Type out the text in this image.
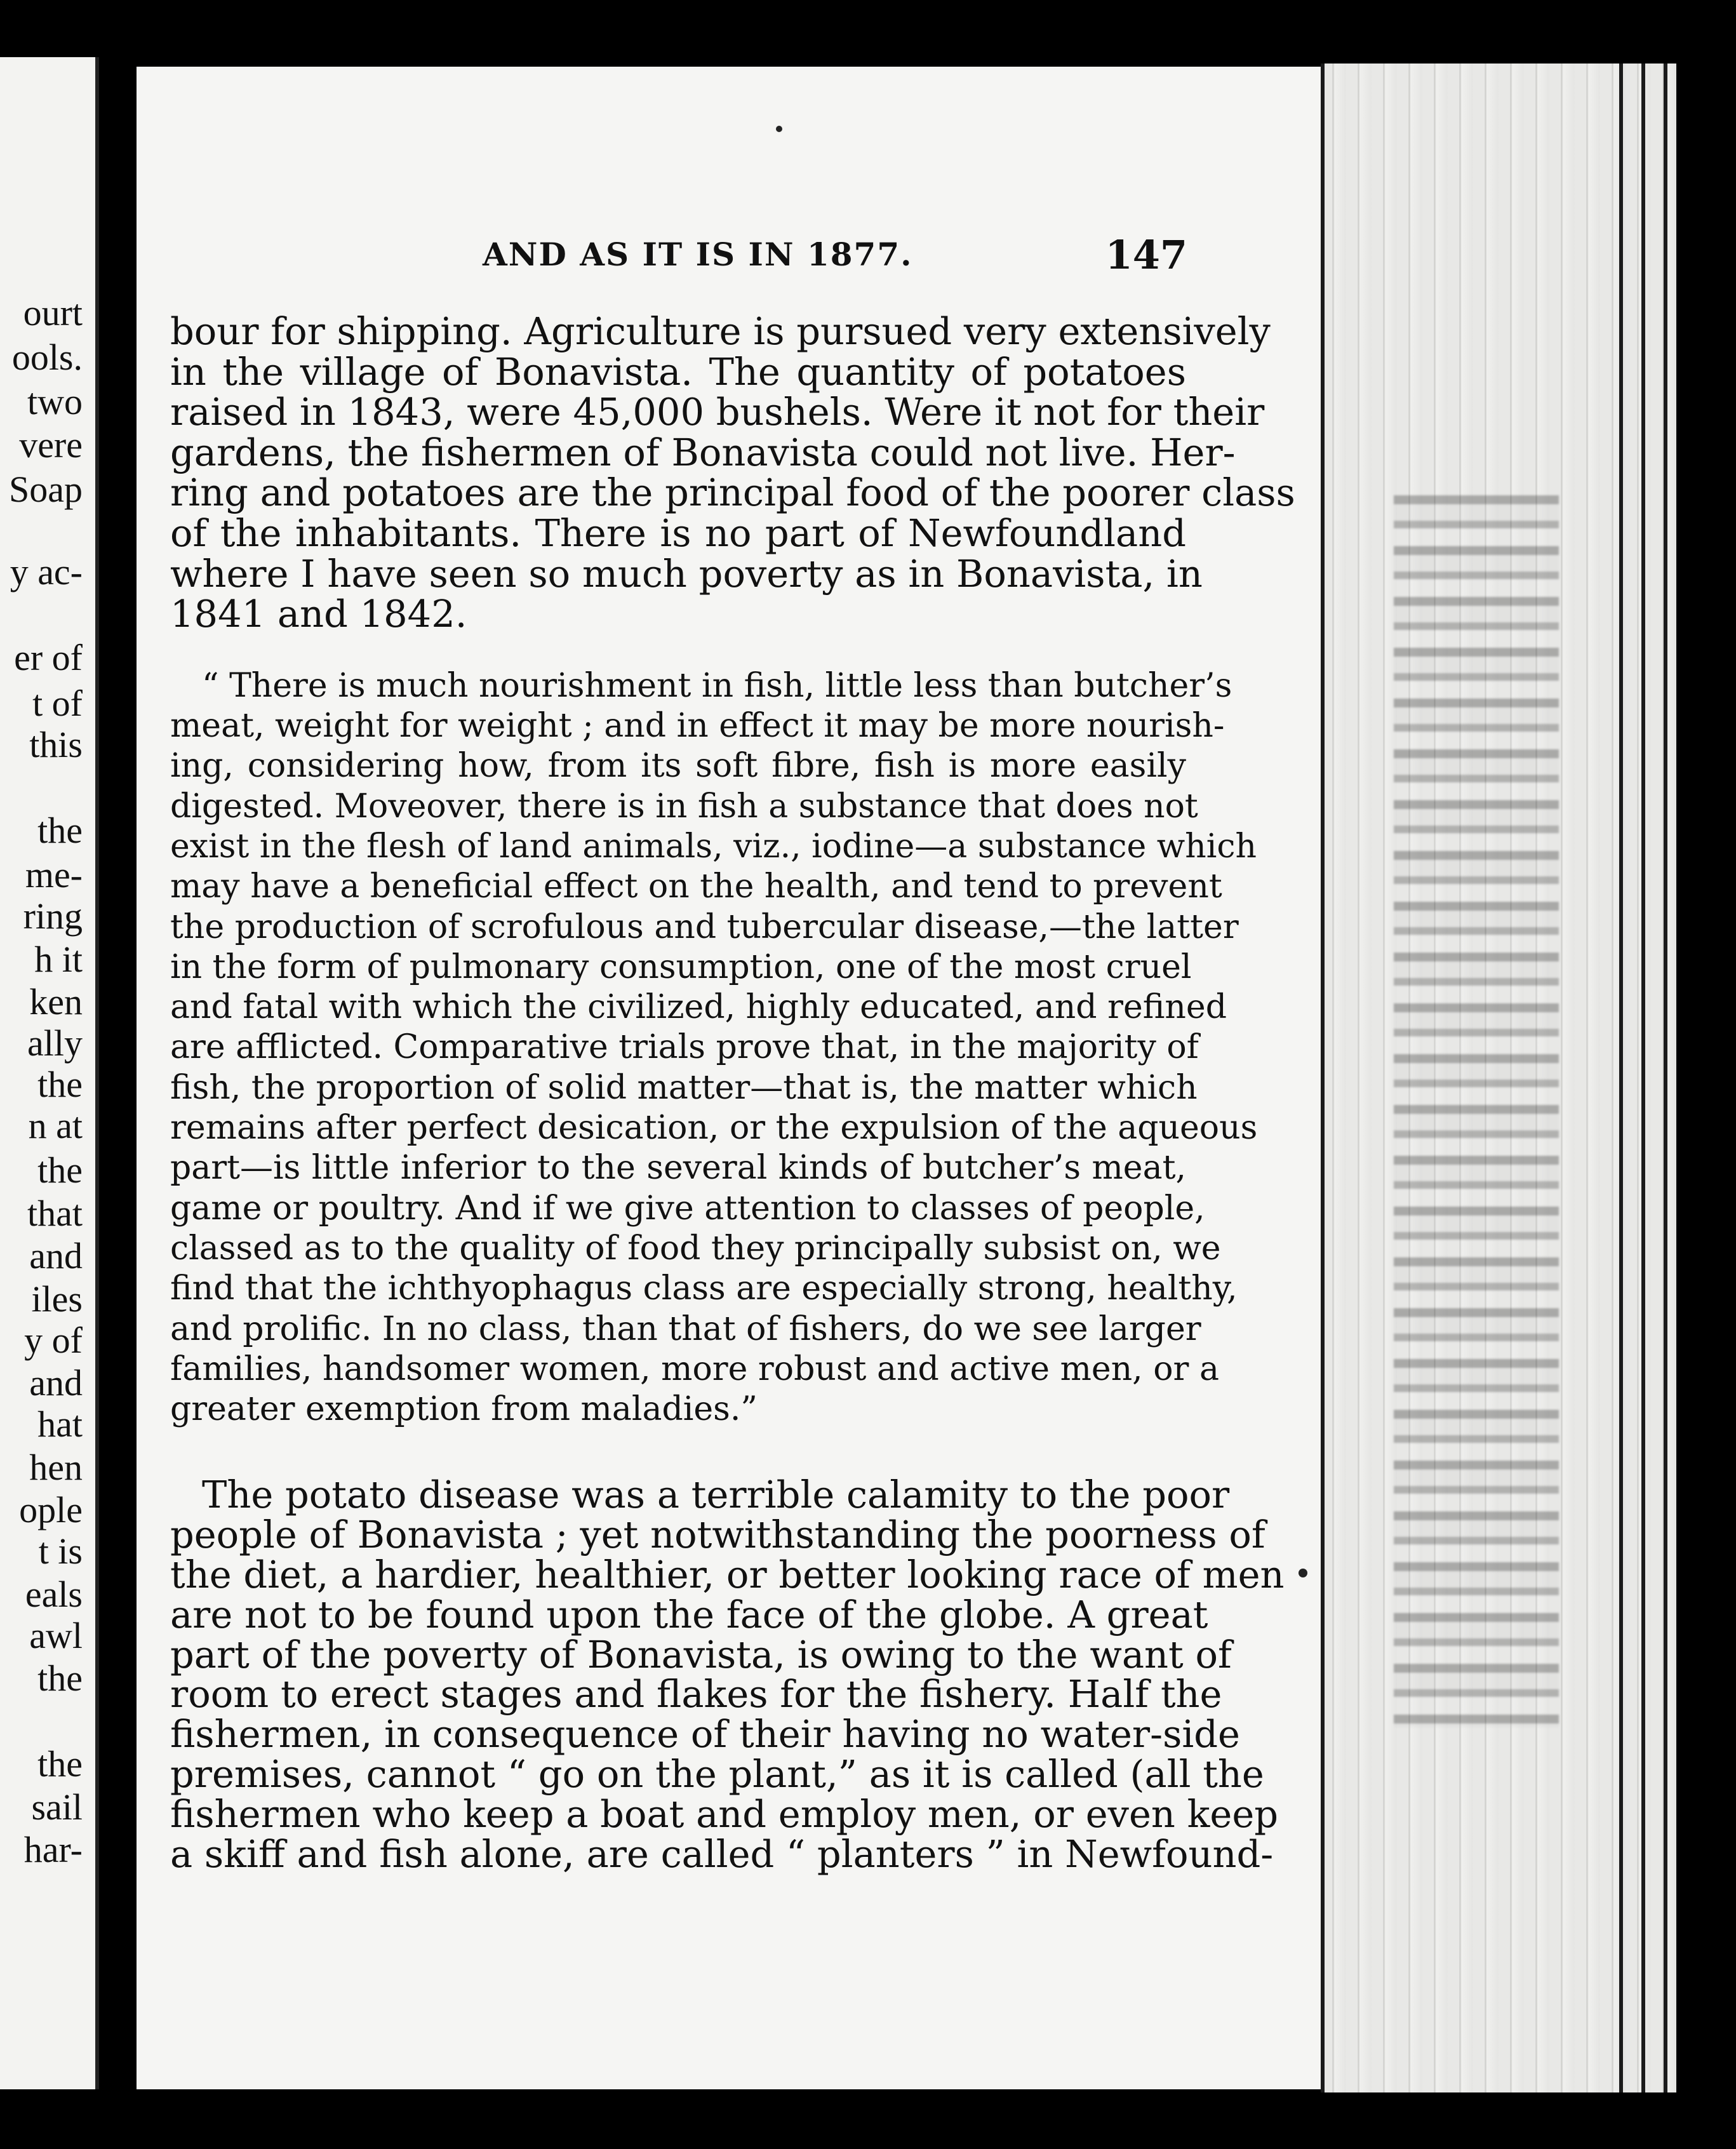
ourt
ools.
two
vere
Soap
y ac-
er of
t of
this
the
me-
ring
h it
ken
ally
the
n at
the
that
and
iles
y of
and
hat
hen
ople
t is
eals
awl
the
the
sail
har-
AND AS IT IS IN 1877.	147
bour for shipping. Agriculture is pursued very extensively
in the village of Bonavista. The quantity of potatoes
raised in 1843, were 45,000 bushels. Were it not for their
gardens, the fishermen of Bonavista could not live. Her-
ring and potatoes are the principal food of the poorer class
of the inhabitants. There is no part of Newfoundland
where I have seen so much poverty as in Bonavista, in
1841 and 1842.
“ There is much nourishment in fish, little less than butcher’s
meat, weight for weight ; and in effect it may be more nourish-
ing, considering how, from its soft fibre, fish is more easily
digested. Moveover, there is in fish a substance that does not
exist in the flesh of land animals, viz., iodine—a substance which
may have a beneficial effect on the health, and tend to prevent
the production of scrofulous and tubercular disease,—the latter
in the form of pulmonary consumption, one of the most cruel
and fatal with which the civilized, highly educated, and refined
are afflicted. Comparative trials prove that, in the majority of
fish, the proportion of solid matter—that is, the matter which
remains after perfect desication, or the expulsion of the aqueous
part—is little inferior to the several kinds of butcher’s meat,
game or poultry. And if we give attention to classes of people,
classed as to the quality of food they principally subsist on, we
find that the ichthyophagus class are especially strong, healthy,
and prolific. In no class, than that of fishers, do we see larger
families, handsomer women, more robust and active men, or a
greater exemption from maladies.”
The potato disease was a terrible calamity to the poor
people of Bonavista ; yet notwithstanding the poorness of
the diet, a hardier, healthier, or better looking race of men
are not to be found upon the face of the globe. A great
part of the poverty of Bonavista, is owing to the want of
room to erect stages and flakes for the fishery. Half the
fishermen, in consequence of their having no water-side
premises, cannot “ go on the plant,” as it is called (all the
fishermen who keep a boat and employ men, or even keep
a skiff and fish alone, are called “ planters ” in Newfound-
